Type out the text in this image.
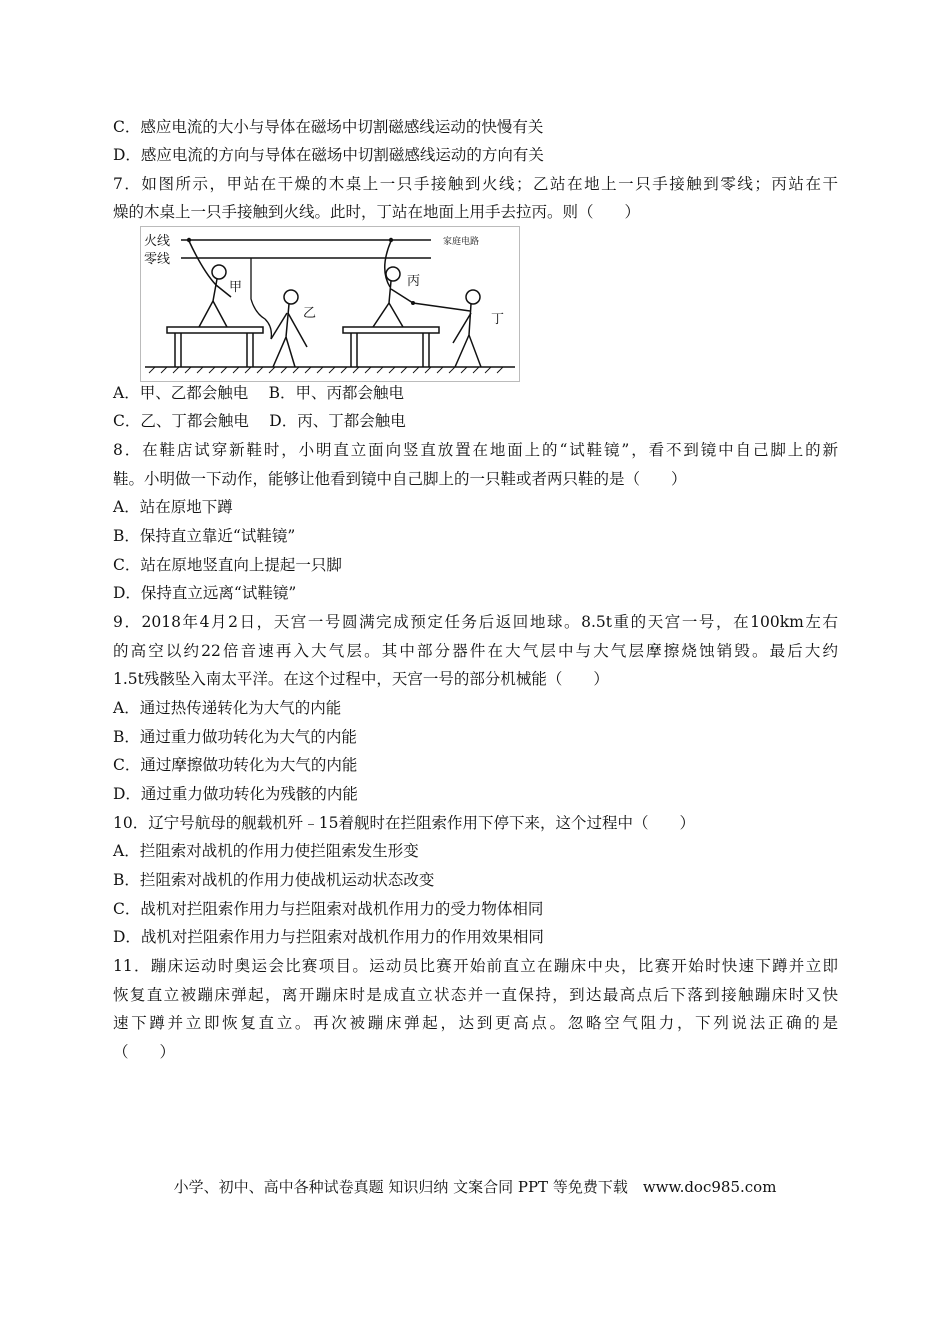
C．感应电流的大小与导体在磁场中切割磁感线运动的快慢有关
D．感应电流的方向与导体在磁场中切割磁感线运动的方向有关
7．如图所示，甲站在干燥的木桌上一只手接触到火线；乙站在地上一只手接触到零线；丙站在干
燥的木桌上一只手接触到火线。此时，丁站在地面上用手去拉丙。则（　　）
火线
零线
家庭电路
甲
乙
丙
丁
A．甲、乙都会触电　 B．甲、丙都会触电
C．乙、丁都会触电　 D．丙、丁都会触电
8．在鞋店试穿新鞋时，小明直立面向竖直放置在地面上的“试鞋镜”，看不到镜中自己脚上的新
鞋。小明做一下动作，能够让他看到镜中自己脚上的一只鞋或者两只鞋的是（　　）
A．站在原地下蹲
B．保持直立靠近“试鞋镜”
C．站在原地竖直向上提起一只脚
D．保持直立远离“试鞋镜”
9．2018年4月2日，天宫一号圆满完成预定任务后返回地球。8.5t重的天宫一号，在100km左右
的高空以约22倍音速再入大气层。其中部分器件在大气层中与大气层摩擦烧蚀销毁。最后大约
1.5t残骸坠入南太平洋。在这个过程中，天宫一号的部分机械能（　　）
A．通过热传递转化为大气的内能
B．通过重力做功转化为大气的内能
C．通过摩擦做功转化为大气的内能
D．通过重力做功转化为残骸的内能
10．辽宁号航母的舰载机歼﹣15着舰时在拦阻索作用下停下来，这个过程中（　　）
A．拦阻索对战机的作用力使拦阻索发生形变
B．拦阻索对战机的作用力使战机运动状态改变
C．战机对拦阻索作用力与拦阻索对战机作用力的受力物体相同
D．战机对拦阻索作用力与拦阻索对战机作用力的作用效果相同
11．蹦床运动时奥运会比赛项目。运动员比赛开始前直立在蹦床中央，比赛开始时快速下蹲并立即
恢复直立被蹦床弹起，离开蹦床时是成直立状态并一直保持，到达最高点后下落到接触蹦床时又快
速下蹲并立即恢复直立。再次被蹦床弹起，达到更高点。忽略空气阻力，下列说法正确的是
（　　）
小学、初中、高中各种试卷真题 知识归纳 文案合同 PPT 等免费下载　www.doc985.com
